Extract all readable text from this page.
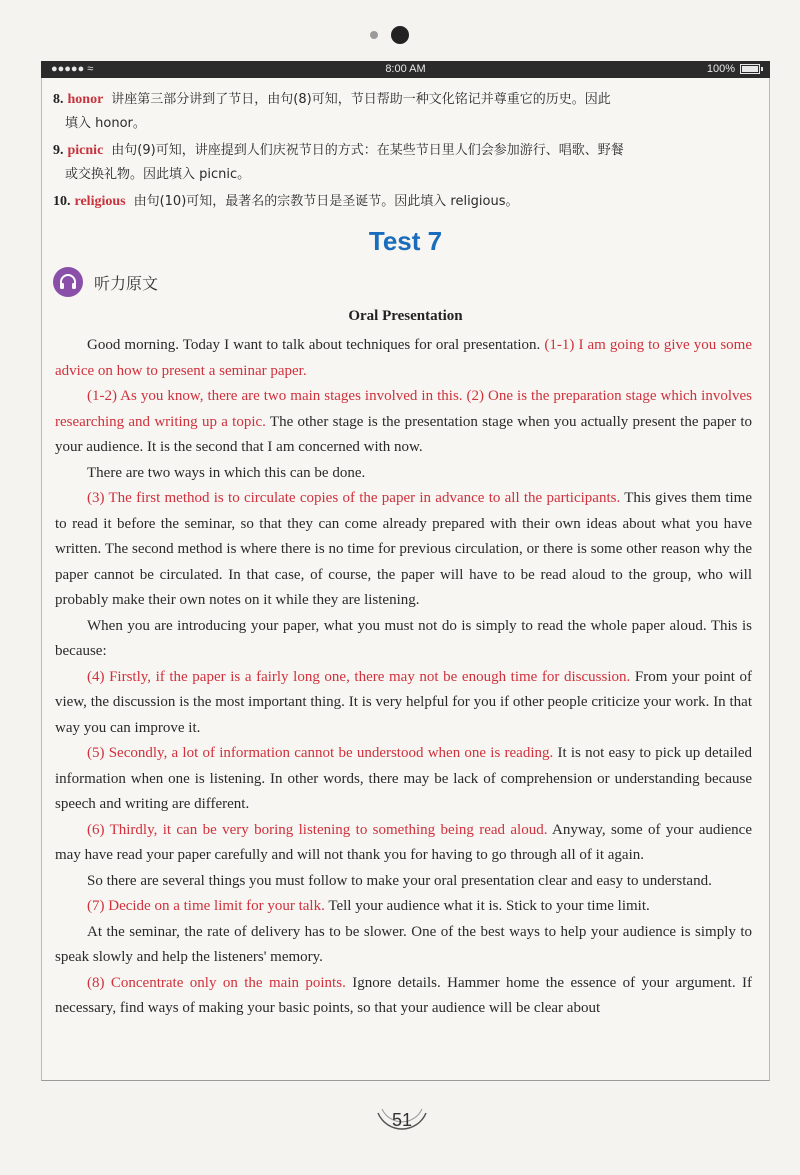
●●●●● ≈	8:00 AM	100%
8. honor 讲座第三部分讲到了节日，由句(8)可知，节日帮助一种文化铭记并尊重它的历史。因此
填入 honor。
9. picnic 由句(9)可知，讲座提到人们庆祝节日的方式：在某些节日里人们会参加游行、唱歌、野餐
或交换礼物。因此填入 picnic。
10. religious 由句(10)可知，最著名的宗教节日是圣诞节。因此填入 religious。
Test 7
听力原文
Oral Presentation

Good morning. Today I want to talk about techniques for oral presentation. (1-1) I am going to give you some advice on how to present a seminar paper.

(1-2) As you know, there are two main stages involved in this. (2) One is the preparation stage which involves researching and writing up a topic. The other stage is the presentation stage when you actually present the paper to your audience. It is the second that I am concerned with now.

There are two ways in which this can be done.

(3) The first method is to circulate copies of the paper in advance to all the participants. This gives them time to read it before the seminar, so that they can come already prepared with their own ideas about what you have written. The second method is where there is no time for previous circulation, or there is some other reason why the paper cannot be circulated. In that case, of course, the paper will have to be read aloud to the group, who will probably make their own notes on it while they are listening.

When you are introducing your paper, what you must not do is simply to read the whole paper aloud. This is because:

(4) Firstly, if the paper is a fairly long one, there may not be enough time for discussion. From your point of view, the discussion is the most important thing. It is very helpful for you if other people criticize your work. In that way you can improve it.

(5) Secondly, a lot of information cannot be understood when one is reading. It is not easy to pick up detailed information when one is listening. In other words, there may be lack of comprehension or understanding because speech and writing are different.

(6) Thirdly, it can be very boring listening to something being read aloud. Anyway, some of your audience may have read your paper carefully and will not thank you for having to go through all of it again.

So there are several things you must follow to make your oral presentation clear and easy to understand.

(7) Decide on a time limit for your talk. Tell your audience what it is. Stick to your time limit.

At the seminar, the rate of delivery has to be slower. One of the best ways to help your audience is simply to speak slowly and help the listeners' memory.

(8) Concentrate only on the main points. Ignore details. Hammer home the essence of your argument. If necessary, find ways of making your basic points, so that your audience will be clear about

51
